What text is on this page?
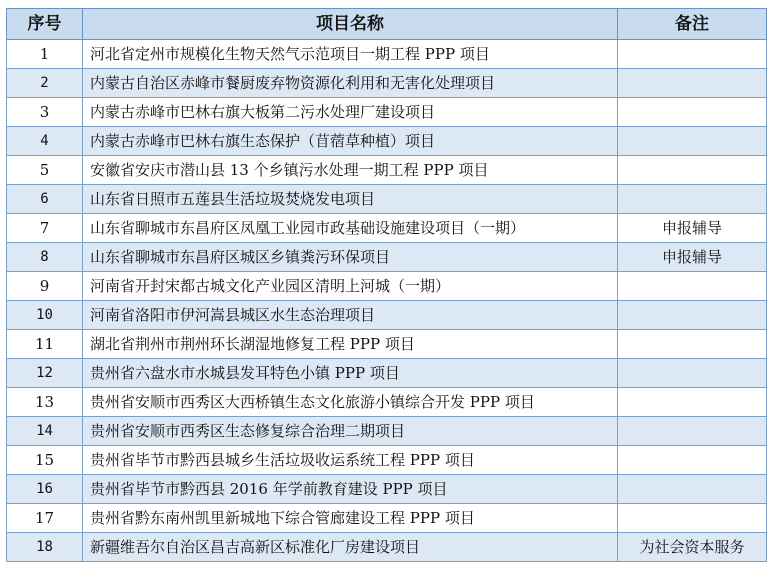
序号	项目名称	备注
1	河北省定州市规模化生物天然气示范项目一期工程 PPP 项目	
2	内蒙古自治区赤峰市餐厨废弃物资源化利用和无害化处理项目	
3	内蒙古赤峰市巴林右旗大板第二污水处理厂建设项目	
4	内蒙古赤峰市巴林右旗生态保护（苜蓿草种植）项目	
5	安徽省安庆市潜山县 13 个乡镇污水处理一期工程 PPP 项目	
6	山东省日照市五莲县生活垃圾焚烧发电项目	
7	山东省聊城市东昌府区凤凰工业园市政基础设施建设项目（一期）	申报辅导
8	山东省聊城市东昌府区城区乡镇粪污环保项目	申报辅导
9	河南省开封宋都古城文化产业园区清明上河城（一期）	
10	河南省洛阳市伊河嵩县城区水生态治理项目	
11	湖北省荆州市荆州环长湖湿地修复工程 PPP 项目	
12	贵州省六盘水市水城县发耳特色小镇 PPP 项目	
13	贵州省安顺市西秀区大西桥镇生态文化旅游小镇综合开发 PPP 项目	
14	贵州省安顺市西秀区生态修复综合治理二期项目	
15	贵州省毕节市黔西县城乡生活垃圾收运系统工程 PPP 项目	
16	贵州省毕节市黔西县 2016 年学前教育建设 PPP 项目	
17	贵州省黔东南州凯里新城地下综合管廊建设工程 PPP 项目	
18	新疆维吾尔自治区昌吉高新区标准化厂房建设项目	为社会资本服务
